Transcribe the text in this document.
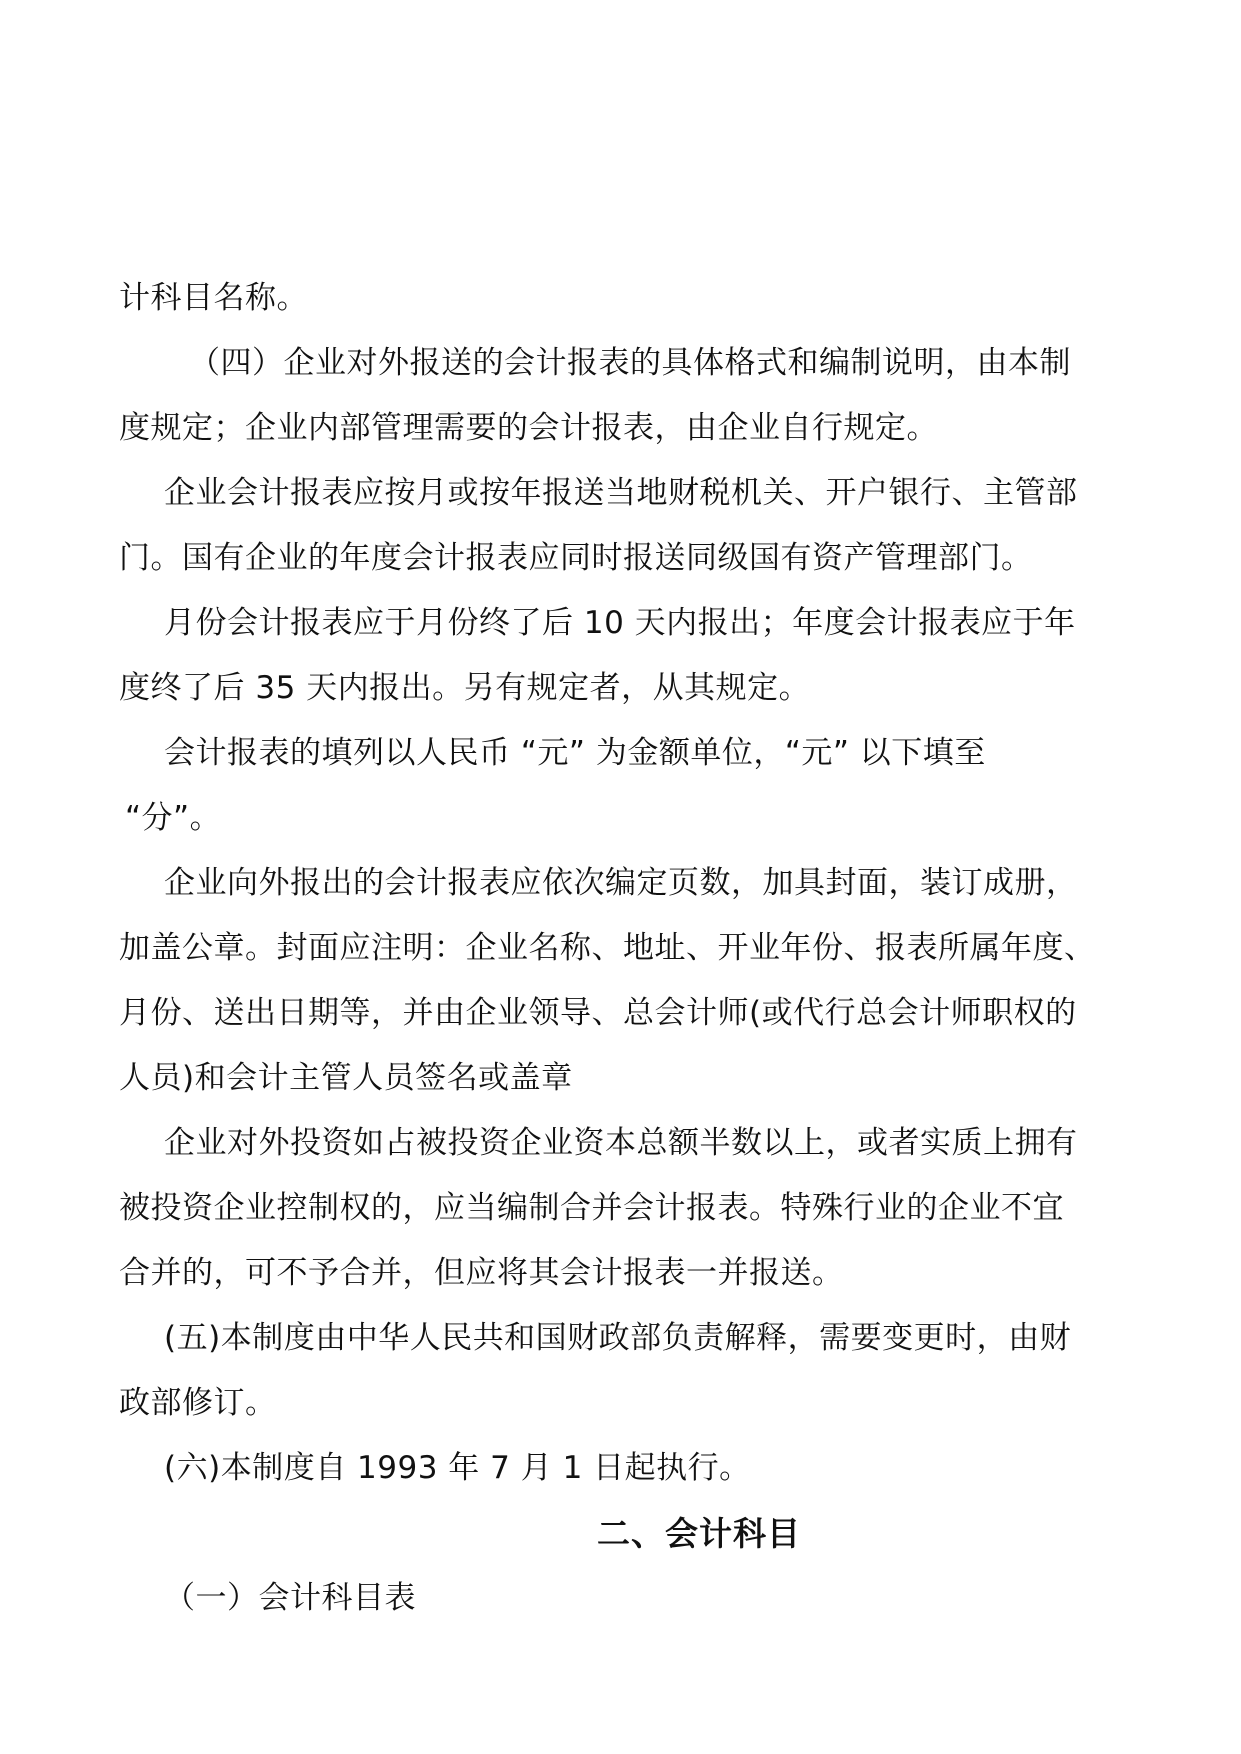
计科目名称。
（四）企业对外报送的会计报表的具体格式和编制说明，由本制
度规定；企业内部管理需要的会计报表，由企业自行规定。
企业会计报表应按月或按年报送当地财税机关、开户银行、主管部
门。国有企业的年度会计报表应同时报送同级国有资产管理部门。
月份会计报表应于月份终了后 10 天内报出；年度会计报表应于年
度终了后 35 天内报出。另有规定者，从其规定。
会计报表的填列以人民币 “元” 为金额单位，“元” 以下填至
“分”。
企业向外报出的会计报表应依次编定页数，加具封面，装订成册，
加盖公章。封面应注明：企业名称、地址、开业年份、报表所属年度、
月份、送出日期等，并由企业领导、总会计师(或代行总会计师职权的
人员)和会计主管人员签名或盖章
企业对外投资如占被投资企业资本总额半数以上，或者实质上拥有
被投资企业控制权的，应当编制合并会计报表。特殊行业的企业不宜
合并的，可不予合并，但应将其会计报表一并报送。
(五)本制度由中华人民共和国财政部负责解释，需要变更时，由财
政部修订。
(六)本制度自 1993 年 7 月 1 日起执行。
二、会计科目
（一）会计科目表
